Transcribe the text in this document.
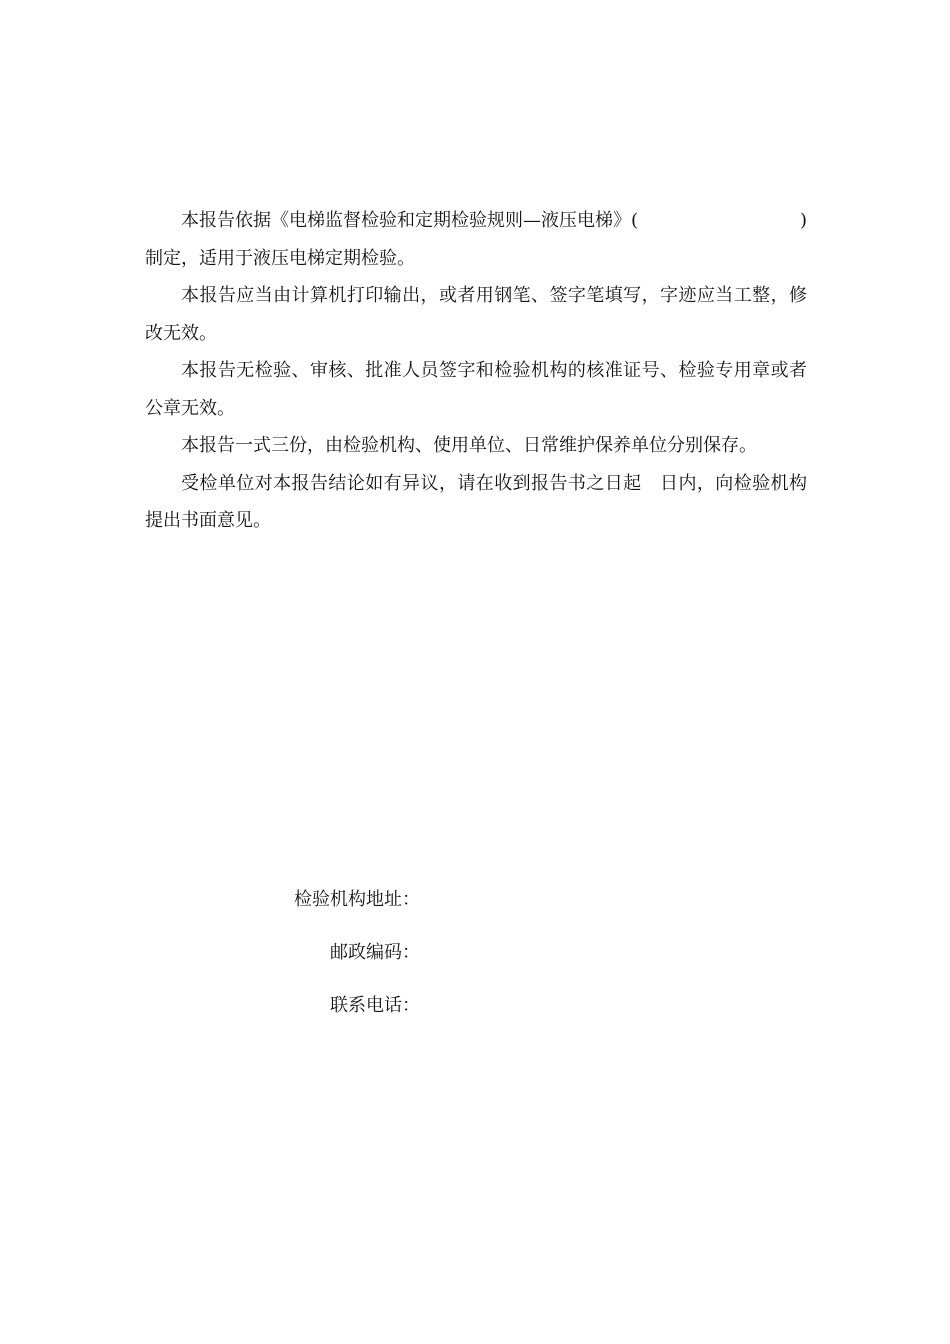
本报告依据《电梯监督检验和定期检验规则—液压电梯》(	)

制定，适用于液压电梯定期检验。

本报告应当由计算机打印输出，或者用钢笔、签字笔填写，字迹应当工整，修改无效。

本报告无检验、审核、批准人员签字和检验机构的核准证号、检验专用章或者公章无效。

本报告一式三份，由检验机构、使用单位、日常维护保养单位分别保存。

受检单位对本报告结论如有异议，请在收到报告书之日起　日内，向检验机构提出书面意见。

检验机构地址：
邮政编码：
联系电话：
